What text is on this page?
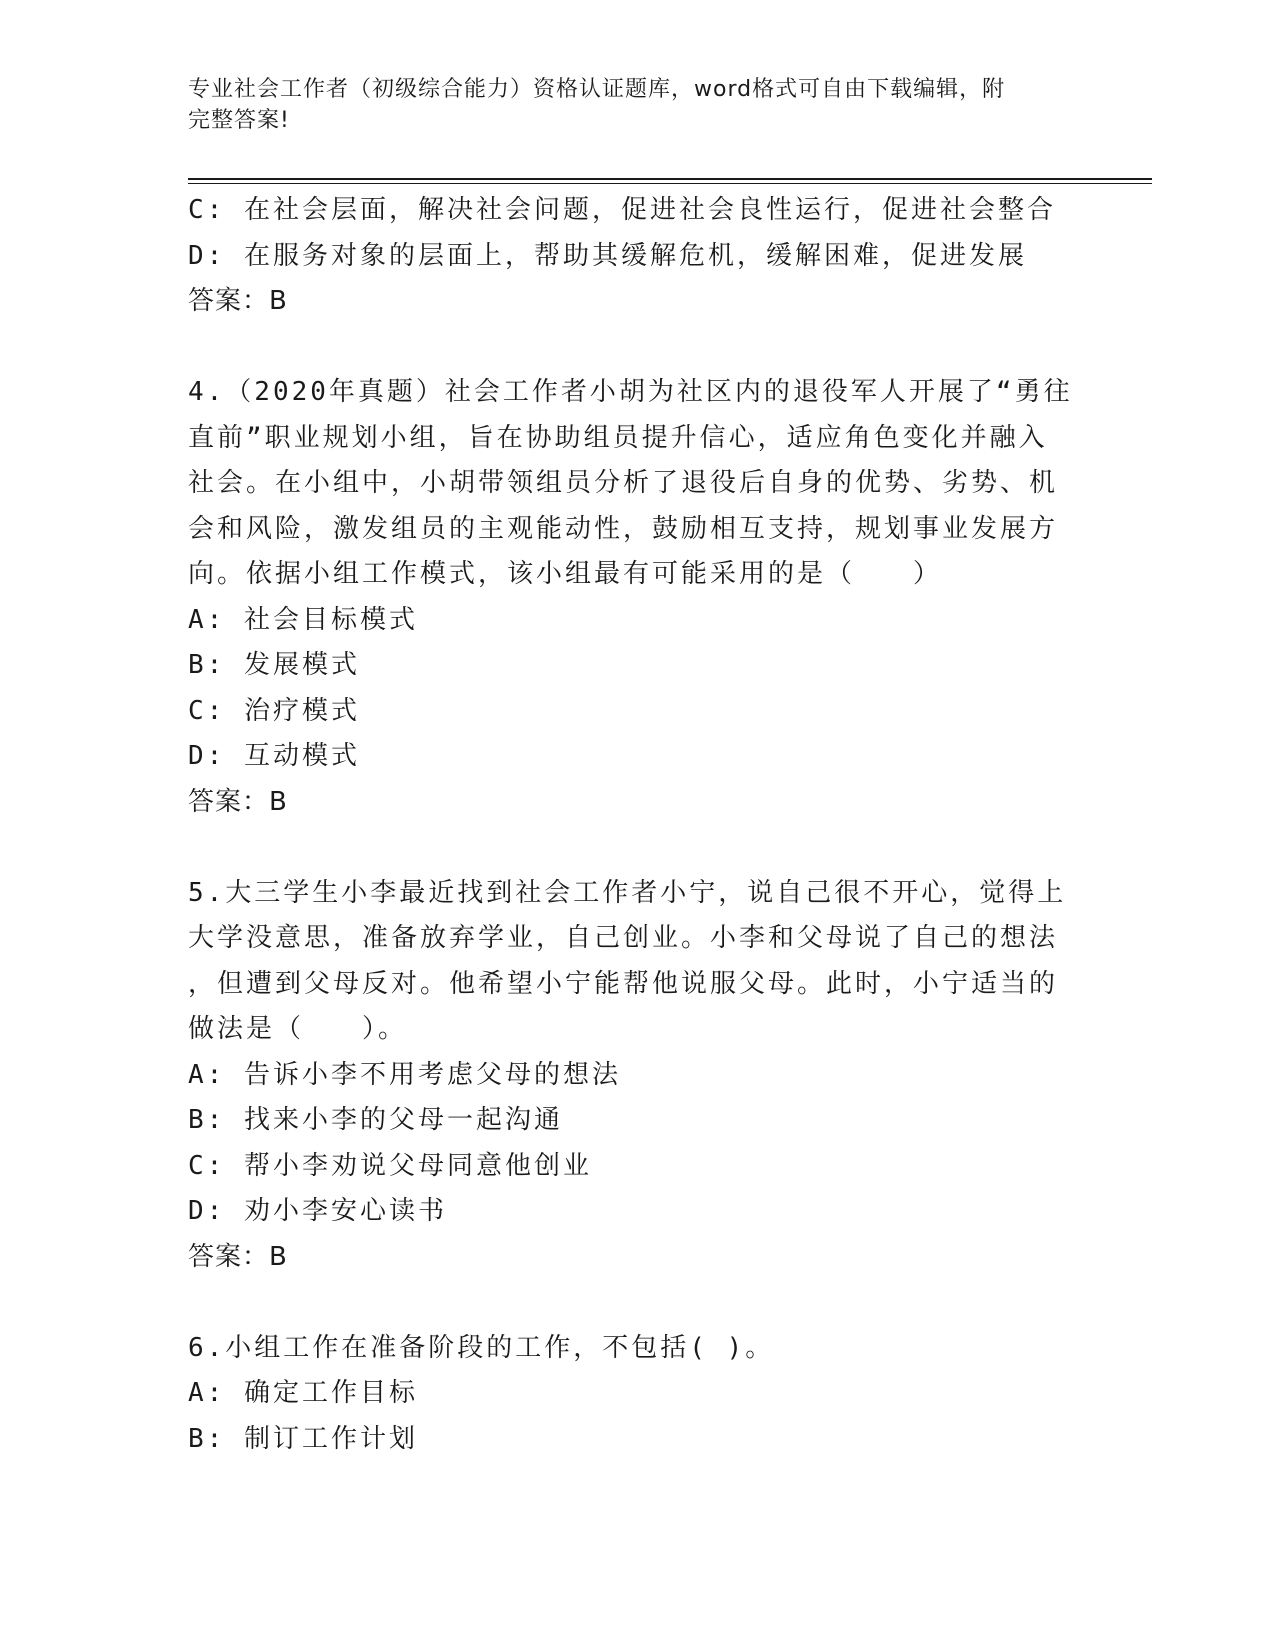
专业社会工作者（初级综合能力）资格认证题库，word格式可自由下载编辑，附
完整答案!
C: 在社会层面，解决社会问题，促进社会良性运行，促进社会整合
D: 在服务对象的层面上，帮助其缓解危机，缓解困难，促进发展
答案：B
4.（2020年真题）社会工作者小胡为社区内的退役军人开展了“勇往
直前”职业规划小组，旨在协助组员提升信心，适应角色变化并融入
社会。在小组中，小胡带领组员分析了退役后自身的优势、劣势、机
会和风险，激发组员的主观能动性，鼓励相互支持，规划事业发展方
向。依据小组工作模式，该小组最有可能采用的是（　　）
A: 社会目标模式
B: 发展模式
C: 治疗模式
D: 互动模式
答案：B
5.大三学生小李最近找到社会工作者小宁，说自己很不开心，觉得上
大学没意思，准备放弃学业，自己创业。小李和父母说了自己的想法
，但遭到父母反对。他希望小宁能帮他说服父母。此时，小宁适当的
做法是（　　）。
A: 告诉小李不用考虑父母的想法
B: 找来小李的父母一起沟通
C: 帮小李劝说父母同意他创业
D: 劝小李安心读书
答案：B
6.小组工作在准备阶段的工作，不包括( )。
A: 确定工作目标
B: 制订工作计划
